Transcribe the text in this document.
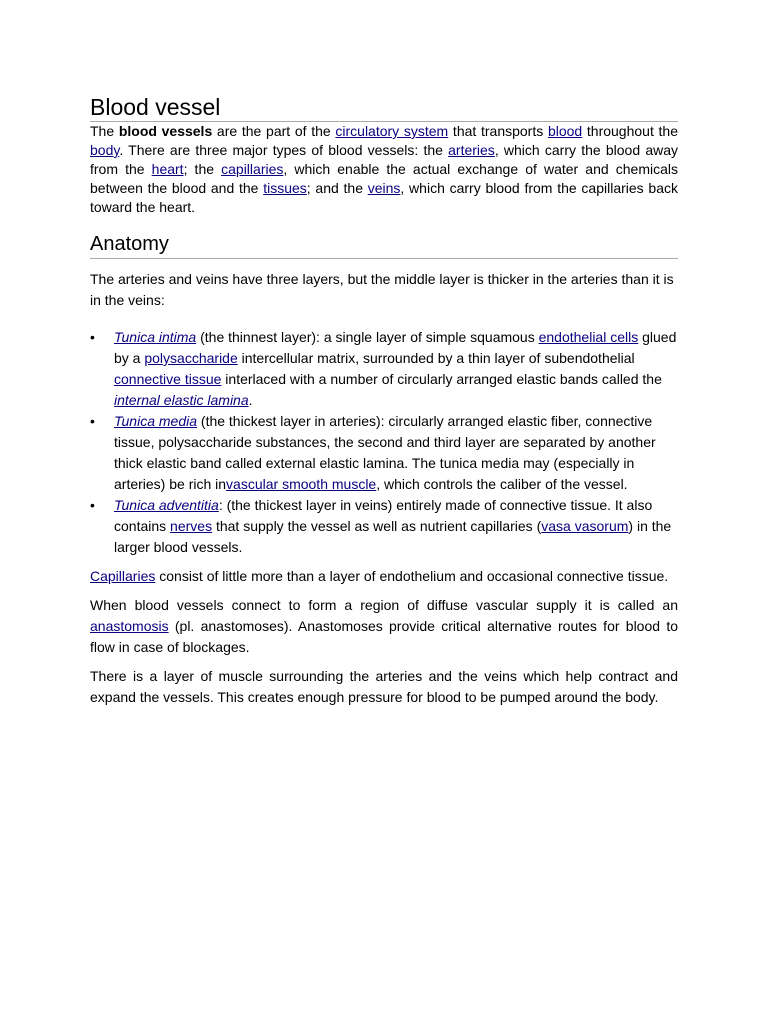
Blood vessel

The blood vessels are the part of the circulatory system that transports blood throughout the body. There are three major types of blood vessels: the arteries, which carry the blood away from the heart; the capillaries, which enable the actual exchange of water and chemicals between the blood and the tissues; and the veins, which carry blood from the capillaries back toward the heart.

Anatomy

The arteries and veins have three layers, but the middle layer is thicker in the arteries than it is in the veins:

•	Tunica intima (the thinnest layer): a single layer of simple squamous endothelial cells glued by a polysaccharide intercellular matrix, surrounded by a thin layer of subendothelial connective tissue interlaced with a number of circularly arranged elastic bands called the internal elastic lamina.
•	Tunica media (the thickest layer in arteries): circularly arranged elastic fiber, connective tissue, polysaccharide substances, the second and third layer are separated by another thick elastic band called external elastic lamina. The tunica media may (especially in arteries) be rich invascular smooth muscle, which controls the caliber of the vessel.
•	Tunica adventitia: (the thickest layer in veins) entirely made of connective tissue. It also contains nerves that supply the vessel as well as nutrient capillaries (vasa vasorum) in the larger blood vessels.

Capillaries consist of little more than a layer of endothelium and occasional connective tissue.

When blood vessels connect to form a region of diffuse vascular supply it is called an anastomosis (pl. anastomoses). Anastomoses provide critical alternative routes for blood to flow in case of blockages.

There is a layer of muscle surrounding the arteries and the veins which help contract and expand the vessels. This creates enough pressure for blood to be pumped around the body.
